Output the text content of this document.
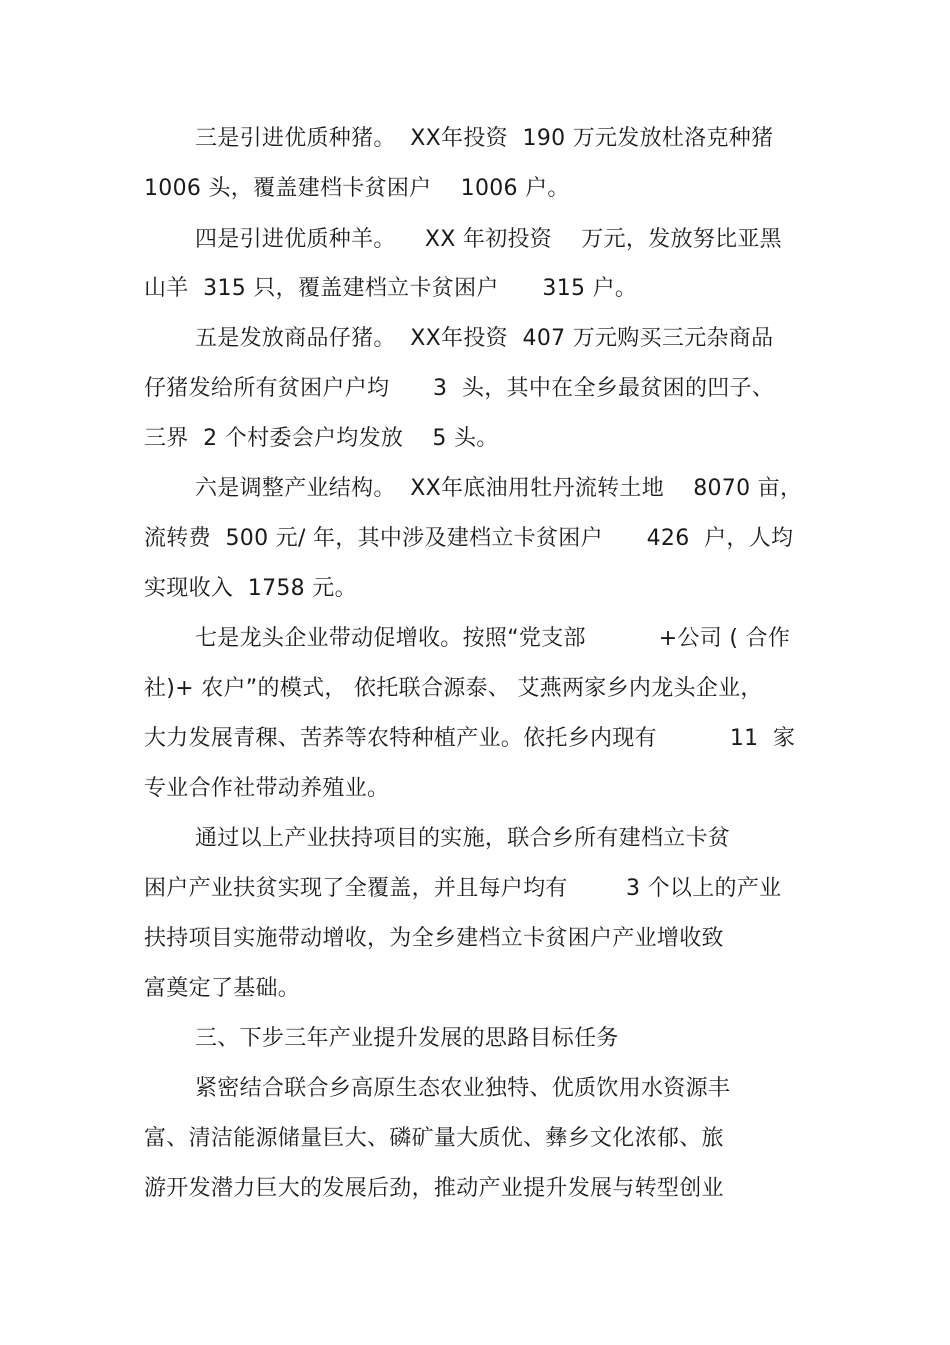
三是引进优质种猪。  XX年投资  190 万元发放杜洛克种猪
1006 头，覆盖建档卡贫困户    1006 户。
四是引进优质种羊。    XX 年初投资    万元，发放努比亚黑
山羊  315 只，覆盖建档立卡贫困户      315 户。
五是发放商品仔猪。  XX年投资  407 万元购买三元杂商品
仔猪发给所有贫困户户均      3  头，其中在全乡最贫困的凹子、
三界  2 个村委会户均发放    5 头。
六是调整产业结构。  XX年底油用牡丹流转土地    8070 亩，
流转费  500 元/ 年，其中涉及建档立卡贫困户      426  户，人均
实现收入  1758 元。
七是龙头企业带动促增收。按照“党支部          +公司 ( 合作
社)+ 农户”的模式， 依托联合源泰、 艾燕两家乡内龙头企业，
大力发展青稞、苦荞等农特种植产业。依托乡内现有          11  家
专业合作社带动养殖业。
通过以上产业扶持项目的实施，联合乡所有建档立卡贫
困户产业扶贫实现了全覆盖，并且每户均有        3 个以上的产业
扶持项目实施带动增收，为全乡建档立卡贫困户产业增收致
富奠定了基础。
三、下步三年产业提升发展的思路目标任务
紧密结合联合乡高原生态农业独特、优质饮用水资源丰
富、清洁能源储量巨大、磷矿量大质优、彝乡文化浓郁、旅
游开发潜力巨大的发展后劲，推动产业提升发展与转型创业
